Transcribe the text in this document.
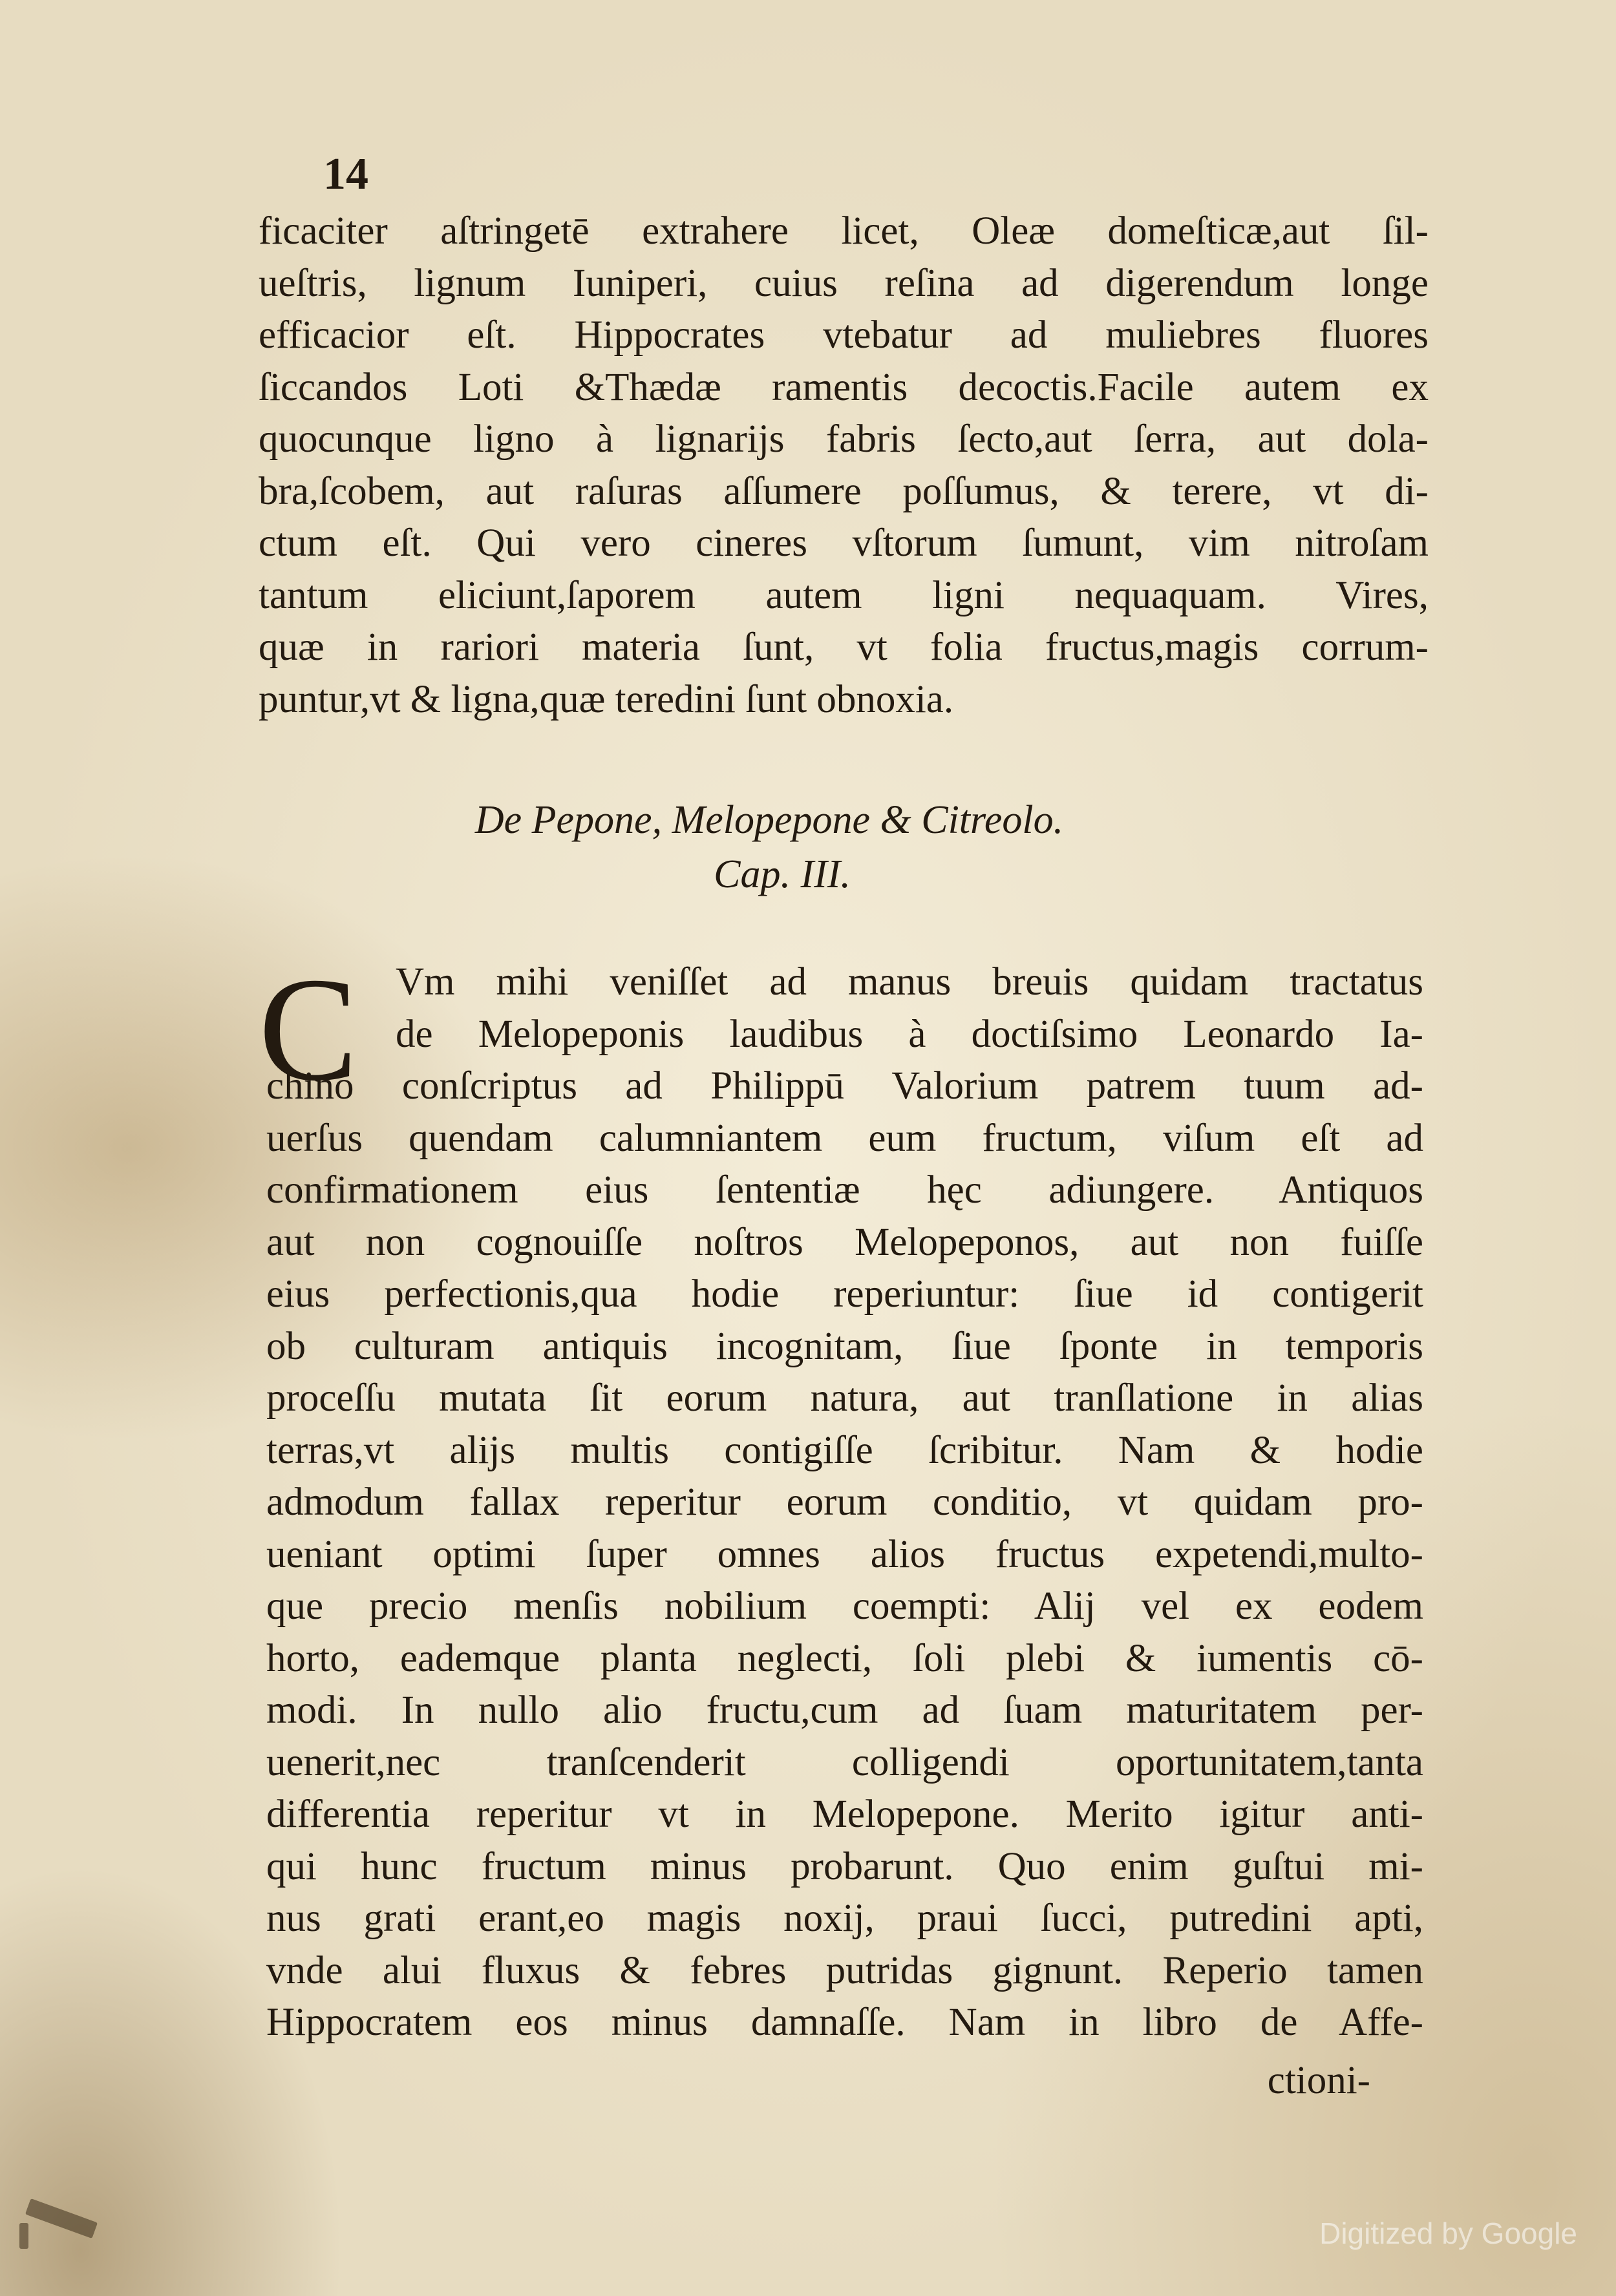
14
ficaciter aſtringetē extrahere licet, Oleæ domeſticæ,aut ſil-
ueſtris, lignum Iuniperi, cuius reſina ad digerendum longe
efficacior eſt. Hippocrates vtebatur ad muliebres fluores
ſiccandos Loti &Thædæ ramentis decoctis.Facile autem ex
quocunque ligno à lignarijs fabris ſecto,aut ſerra, aut dola-
bra,ſcobem, aut raſuras aſſumere poſſumus, & terere, vt di-
ctum eſt. Qui vero cineres vſtorum ſumunt, vim nitroſam
tantum eliciunt,ſaporem autem ligni nequaquam. Vires,
quæ in rariori materia ſunt, vt folia fructus,magis corrum-
puntur,vt & ligna,quæ teredini ſunt obnoxia.
De Pepone, Melopepone & Citreolo.
Cap. III.
C Vm mihi veniſſet ad manus breuis quidam tractatus
de Melopeponis laudibus à doctiſsimo Leonardo Ia-
chino conſcriptus ad Philippū Valorium patrem tuum ad-
uerſus quendam calumniantem eum fructum, viſum eſt ad
confirmationem eius ſententiæ hęc adiungere. Antiquos
aut non cognouiſſe noſtros Melopeponos, aut non fuiſſe
eius perfectionis,qua hodie reperiuntur: ſiue id contigerit
ob culturam antiquis incognitam, ſiue ſponte in temporis
proceſſu mutata ſit eorum natura, aut tranſlatione in alias
terras,vt alijs multis contigiſſe ſcribitur. Nam & hodie
admodum fallax reperitur eorum conditio, vt quidam pro-
ueniant optimi ſuper omnes alios fructus expetendi,multo-
que precio menſis nobilium coempti: Alij vel ex eodem
horto, eademque planta neglecti, ſoli plebi & iumentis cō-
modi. In nullo alio fructu,cum ad ſuam maturitatem per-
uenerit,nec tranſcenderit colligendi oportunitatem,tanta
differentia reperitur vt in Melopepone. Merito igitur anti-
qui hunc fructum minus probarunt. Quo enim guſtui mi-
nus grati erant,eo magis noxij, praui ſucci, putredini apti,
vnde alui fluxus & febres putridas gignunt. Reperio tamen
Hippocratem eos minus damnaſſe. Nam in libro de Affe-
ctioni-
Digitized by Google
